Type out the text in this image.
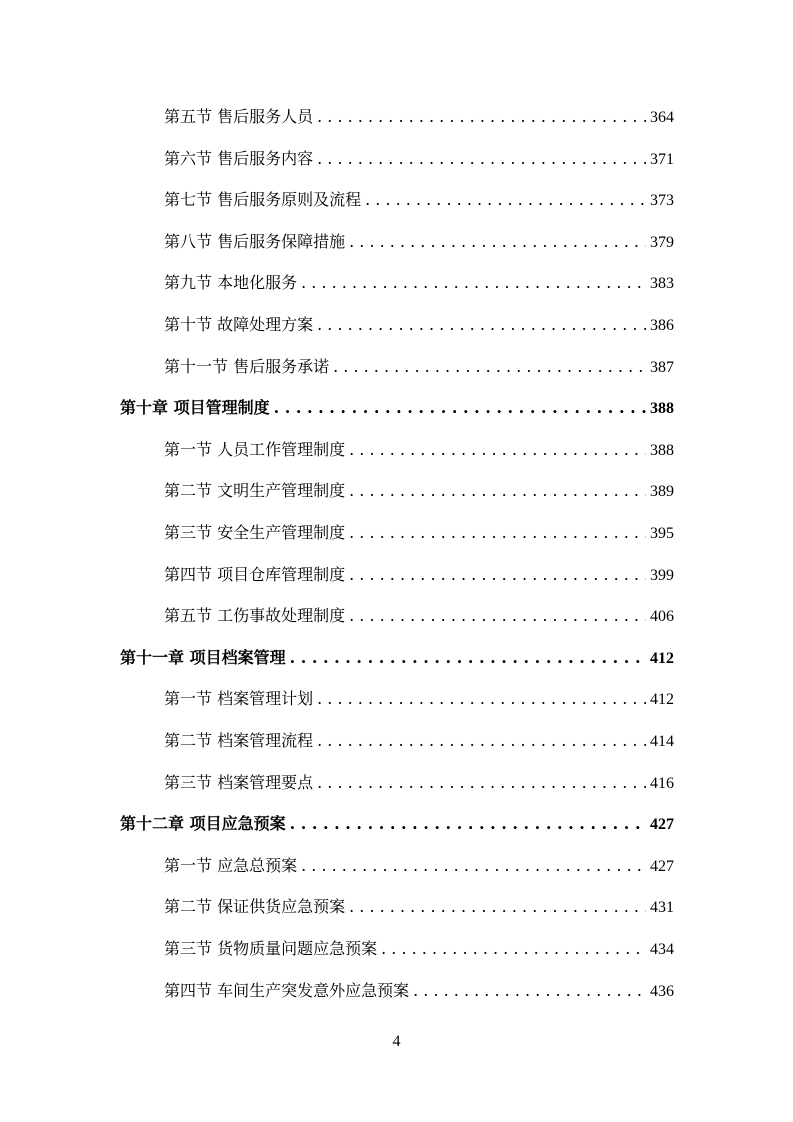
第五节 售后服务人员 . . .	364
第六节 售后服务内容 . . .	371
第七节 售后服务原则及流程 . . .	373
第八节 售后服务保障措施 . . .	379
第九节 本地化服务 . . .	383
第十节 故障处理方案 . . .	386
第十一节 售后服务承诺 . . .	387
第十章 项目管理制度 . . .	388
第一节 人员工作管理制度 . . .	388
第二节 文明生产管理制度 . . .	389
第三节 安全生产管理制度 . . .	395
第四节 项目仓库管理制度 . . .	399
第五节 工伤事故处理制度 . . .	406
第十一章 项目档案管理 . . .	412
第一节 档案管理计划 . . .	412
第二节 档案管理流程 . . .	414
第三节 档案管理要点 . . .	416
第十二章 项目应急预案 . . .	427
第一节 应急总预案 . . .	427
第二节 保证供货应急预案 . . .	431
第三节 货物质量问题应急预案 . . .	434
第四节 车间生产突发意外应急预案 . . .	436
4
